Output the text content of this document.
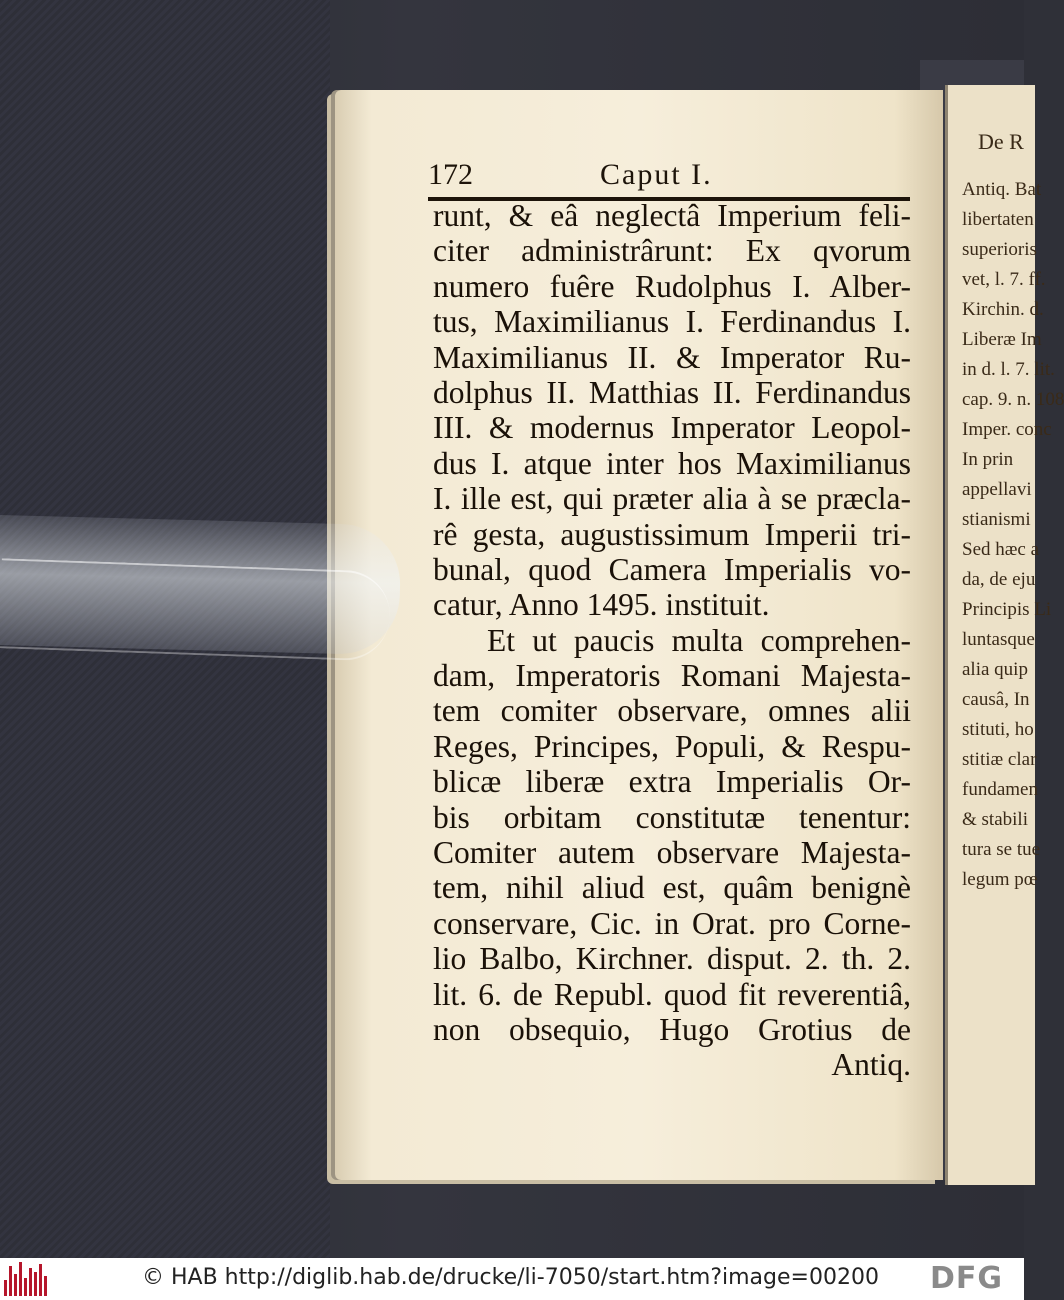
De R
Antiq. Bat
libertaten
superioris
vet, l. 7. ff.
Kirchin. d.
Liberæ Im
in d. l. 7. lit.
cap. 9. n. 108
Imper. conc
In prin
appellavi
stianismi
Sed hæc a
da, de eju
Principis Li
luntasque
alia quip
causâ, In
stituti, ho
stitiæ clar
fundamen
& stabili
tura se tue
legum pœ
172	Caput I.
runt, & eâ neglectâ Imperium feli-
citer administrârunt: Ex qvorum
numero fuêre Rudolphus I. Alber-
tus, Maximilianus I. Ferdinandus I.
Maximilianus II. & Imperator Ru-
dolphus II. Matthias II. Ferdinandus
III. & modernus Imperator Leopol-
dus I. atque inter hos Maximilianus
I. ille est, qui præter alia à se præcla-
rê gesta, augustissimum Imperii tri-
bunal, quod Camera Imperialis vo-
catur, Anno 1495. instituit.
Et ut paucis multa comprehen-
dam, Imperatoris Romani Majesta-
tem comiter observare, omnes alii
Reges, Principes, Populi, & Respu-
blicæ liberæ extra Imperialis Or-
bis orbitam constitutæ tenentur:
Comiter autem observare Majesta-
tem, nihil aliud est, quâm benignè
conservare, Cic. in Orat. pro Corne-
lio Balbo, Kirchner. disput. 2. th. 2.
lit. 6. de Republ. quod fit reverentiâ,
non obsequio, Hugo Grotius de
Antiq.
© HAB http://diglib.hab.de/drucke/li-7050/start.htm?image=00200 DFG
